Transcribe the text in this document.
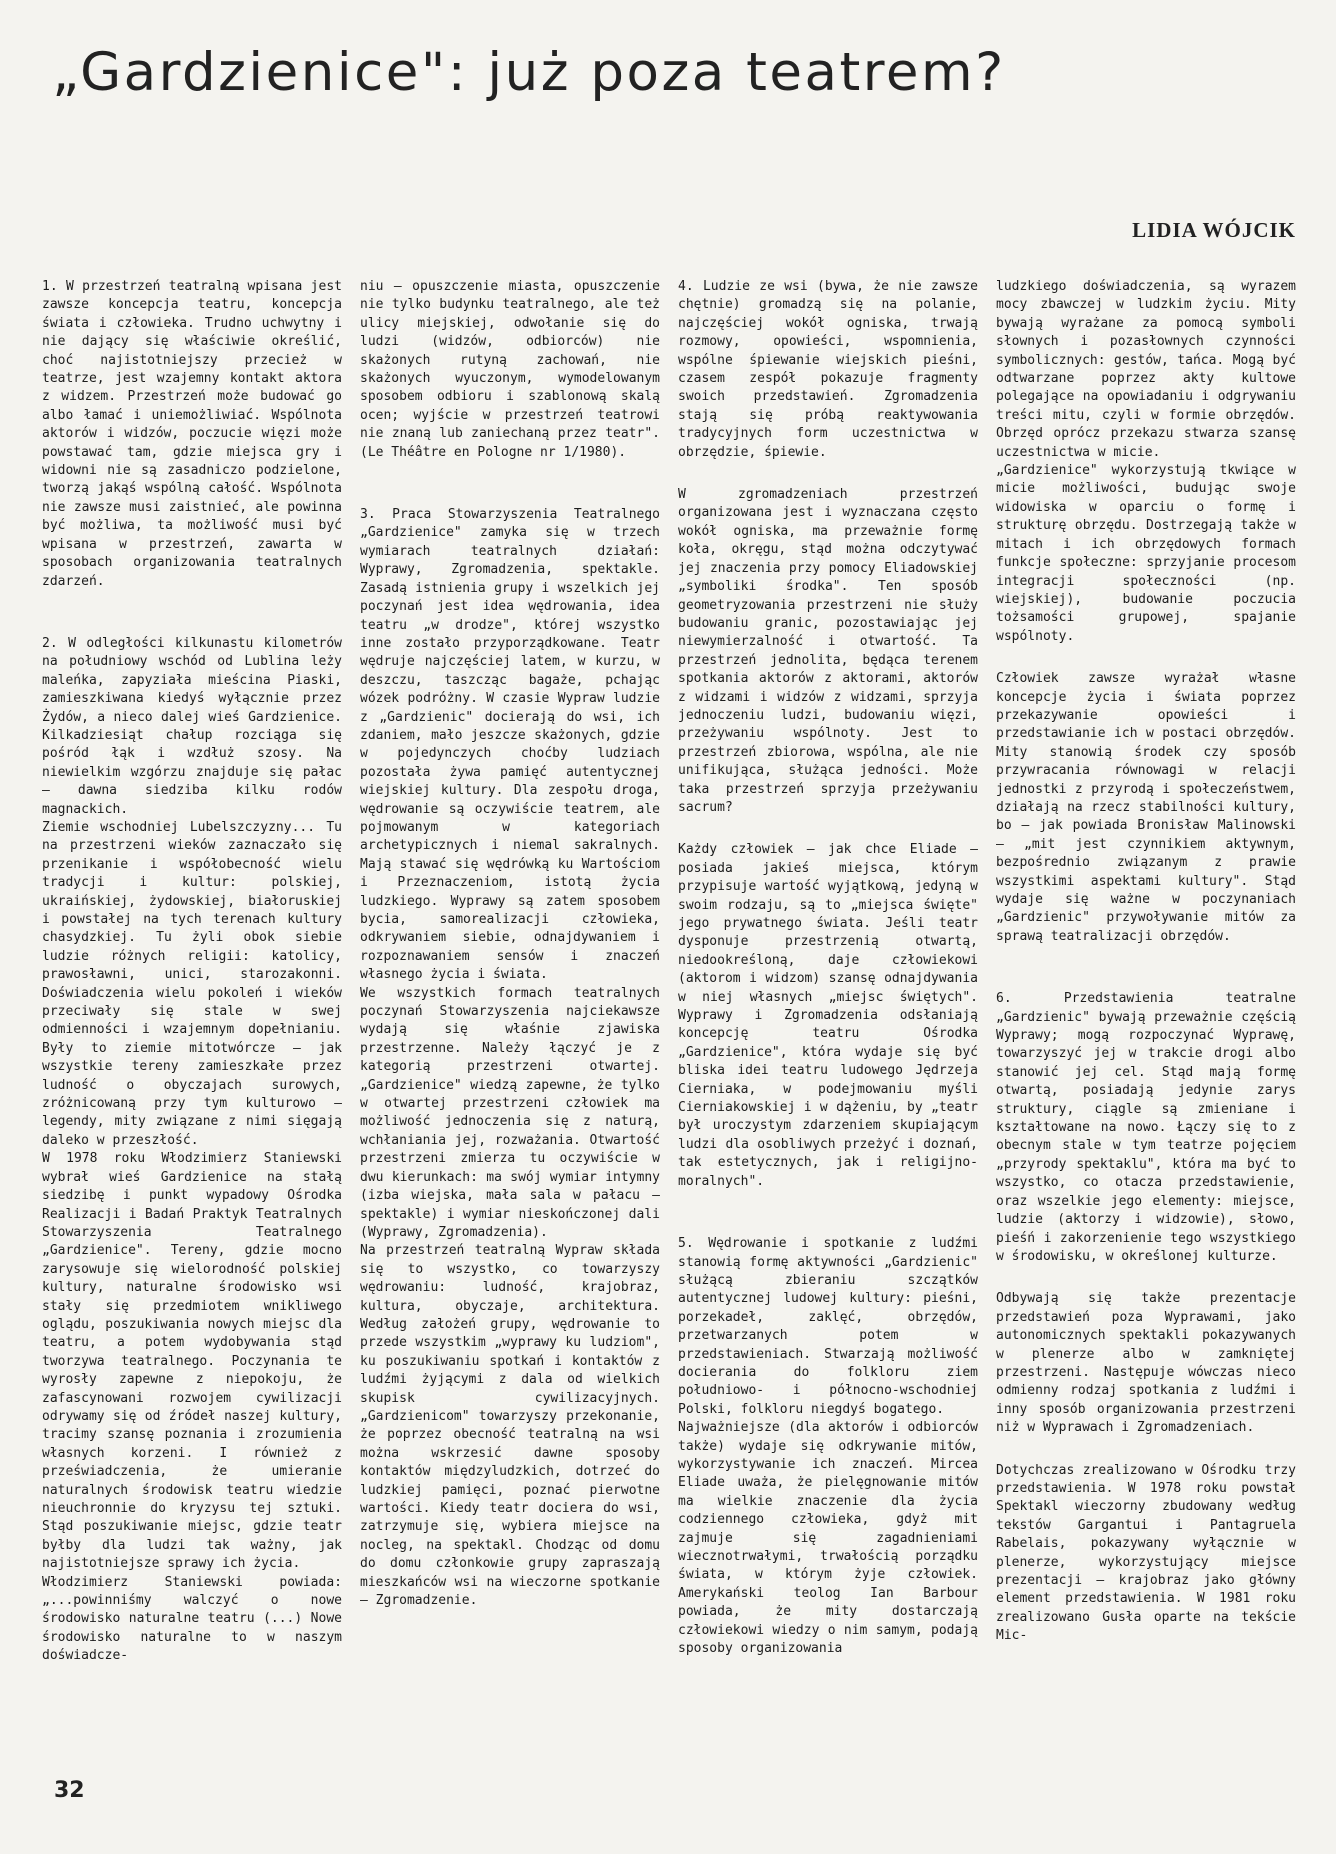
„Gardzienice": już poza teatrem?
LIDIA WÓJCIK

1. W przestrzeń teatralną wpisana jest zawsze koncepcja teatru, koncepcja świata i człowieka. Trudno uchwytny i nie dający się właściwie określić, choć najistotniejszy przecież w teatrze, jest wzajemny kontakt aktora z widzem. Przestrzeń może budować go albo łamać i uniemożliwiać. Wspólnota aktorów i widzów, poczucie więzi może powstawać tam, gdzie miejsca gry i widowni nie są zasadniczo podzielone, tworzą jakąś wspólną całość. Wspólnota nie zawsze musi zaistnieć, ale powinna być możliwa, ta możliwość musi być wpisana w przestrzeń, zawarta w sposobach organizowania teatralnych zdarzeń.

2. W odległości kilkunastu kilometrów na południowy wschód od Lublina leży maleńka, zapyziała mieścina Piaski, zamieszkiwana kiedyś wyłącznie przez Żydów, a nieco dalej wieś Gardzienice. Kilkadziesiąt chałup rozciąga się pośród łąk i wzdłuż szosy. Na niewielkim wzgórzu znajduje się pałac — dawna siedziba kilku rodów magnackich.

Ziemie wschodniej Lubelszczyzny... Tu na przestrzeni wieków zaznaczało się przenikanie i współobecność wielu tradycji i kultur: polskiej, ukraińskiej, żydowskiej, białoruskiej i powstałej na tych terenach kultury chasydzkiej. Tu żyli obok siebie ludzie różnych religii: katolicy, prawosławni, unici, starozakonni. Doświadczenia wielu pokoleń i wieków przeciwały się stale w swej odmienności i wzajemnym dopełnianiu. Były to ziemie mitotwórcze — jak wszystkie tereny zamieszkałe przez ludność o obyczajach surowych, zróżnicowaną przy tym kulturowo — legendy, mity związane z nimi sięgają daleko w przeszłość.

W 1978 roku Włodzimierz Staniewski wybrał wieś Gardzienice na stałą siedzibę i punkt wypadowy Ośrodka Realizacji i Badań Praktyk Teatralnych Stowarzyszenia Teatralnego „Gardzienice". Tereny, gdzie mocno zarysowuje się wielorodność polskiej kultury, naturalne środowisko wsi stały się przedmiotem wnikliwego oglądu, poszukiwania nowych miejsc dla teatru, a potem wydobywania stąd tworzywa teatralnego. Poczynania te wyrosły zapewne z niepokoju, że zafascynowani rozwojem cywilizacji odrywamy się od źródeł naszej kultury, tracimy szansę poznania i zrozumienia własnych korzeni. I również z przeświadczenia, że umieranie naturalnych środowisk teatru wiedzie nieuchronnie do kryzysu tej sztuki. Stąd poszukiwanie miejsc, gdzie teatr byłby dla ludzi tak ważny, jak najistotniejsze sprawy ich życia.

Włodzimierz Staniewski powiada: „...powinniśmy walczyć o nowe środowisko naturalne teatru (...) Nowe środowisko naturalne to w naszym doświadcze-

niu — opuszczenie miasta, opuszczenie nie tylko budynku teatralnego, ale też ulicy miejskiej, odwołanie się do ludzi (widzów, odbiorców) nie skażonych rutyną zachowań, nie skażonych wyuczonym, wymodelowanym sposobem odbioru i szablonową skalą ocen; wyjście w przestrzeń teatrowi nie znaną lub zaniechaną przez teatr". (Le Théâtre en Pologne nr 1/1980).

3. Praca Stowarzyszenia Teatralnego „Gardzienice" zamyka się w trzech wymiarach teatralnych działań: Wyprawy, Zgromadzenia, spektakle. Zasadą istnienia grupy i wszelkich jej poczynań jest idea wędrowania, idea teatru „w drodze", której wszystko inne zostało przyporządkowane. Teatr wędruje najczęściej latem, w kurzu, w deszczu, taszcząc bagaże, pchając wózek podróżny. W czasie Wypraw ludzie z „Gardzienic" docierają do wsi, ich zdaniem, mało jeszcze skażonych, gdzie w pojedynczych choćby ludziach pozostała żywa pamięć autentycznej wiejskiej kultury. Dla zespołu droga, wędrowanie są oczywiście teatrem, ale pojmowanym w kategoriach archetypicznych i niemal sakralnych. Mają stawać się wędrówką ku Wartościom i Przeznaczeniom, istotą życia ludzkiego. Wyprawy są zatem sposobem bycia, samorealizacji człowieka, odkrywaniem siebie, odnajdywaniem i rozpoznawaniem sensów i znaczeń własnego życia i świata.

We wszystkich formach teatralnych poczynań Stowarzyszenia najciekawsze wydają się właśnie zjawiska przestrzenne. Należy łączyć je z kategorią przestrzeni otwartej. „Gardzienice" wiedzą zapewne, że tylko w otwartej przestrzeni człowiek ma możliwość jednoczenia się z naturą, wchłaniania jej, rozważania. Otwartość przestrzeni zmierza tu oczywiście w dwu kierunkach: ma swój wymiar intymny (izba wiejska, mała sala w pałacu — spektakle) i wymiar nieskończonej dali (Wyprawy, Zgromadzenia).

Na przestrzeń teatralną Wypraw składa się to wszystko, co towarzyszy wędrowaniu: ludność, krajobraz, kultura, obyczaje, architektura. Według założeń grupy, wędrowanie to przede wszystkim „wyprawy ku ludziom", ku poszukiwaniu spotkań i kontaktów z ludźmi żyjącymi z dala od wielkich skupisk cywilizacyjnych. „Gardzienicom" towarzyszy przekonanie, że poprzez obecność teatralną na wsi można wskrzesić dawne sposoby kontaktów międzyludzkich, dotrzeć do ludzkiej pamięci, poznać pierwotne wartości. Kiedy teatr dociera do wsi, zatrzymuje się, wybiera miejsce na nocleg, na spektakl. Chodząc od domu do domu członkowie grupy zapraszają mieszkańców wsi na wieczorne spotkanie — Zgromadzenie.

4. Ludzie ze wsi (bywa, że nie zawsze chętnie) gromadzą się na polanie, najczęściej wokół ogniska, trwają rozmowy, opowieści, wspomnienia, wspólne śpiewanie wiejskich pieśni, czasem zespół pokazuje fragmenty swoich przedstawień. Zgromadzenia stają się próbą reaktywowania tradycyjnych form uczestnictwa w obrzędzie, śpiewie.

W zgromadzeniach przestrzeń organizowana jest i wyznaczana często wokół ogniska, ma przeważnie formę koła, okręgu, stąd można odczytywać jej znaczenia przy pomocy Eliadowskiej „symboliki środka". Ten sposób geometryzowania przestrzeni nie służy budowaniu granic, pozostawiając jej niewymierzalność i otwartość. Ta przestrzeń jednolita, będąca terenem spotkania aktorów z aktorami, aktorów z widzami i widzów z widzami, sprzyja jednoczeniu ludzi, budowaniu więzi, przeżywaniu wspólnoty. Jest to przestrzeń zbiorowa, wspólna, ale nie unifikująca, służąca jedności. Może taka przestrzeń sprzyja przeżywaniu sacrum?

Każdy człowiek — jak chce Eliade — posiada jakieś miejsca, którym przypisuje wartość wyjątkową, jedyną w swoim rodzaju, są to „miejsca święte" jego prywatnego świata. Jeśli teatr dysponuje przestrzenią otwartą, niedookreśloną, daje człowiekowi (aktorom i widzom) szansę odnajdywania w niej własnych „miejsc świętych". Wyprawy i Zgromadzenia odsłaniają koncepcję teatru Ośrodka „Gardzienice", która wydaje się być bliska idei teatru ludowego Jędrzeja Cierniaka, w podejmowaniu myśli Cierniakowskiej i w dążeniu, by „teatr był uroczystym zdarzeniem skupiającym ludzi dla osobliwych przeżyć i doznań, tak estetycznych, jak i religijno-moralnych".

5. Wędrowanie i spotkanie z ludźmi stanowią formę aktywności „Gardzienic" służącą zbieraniu szczątków autentycznej ludowej kultury: pieśni, porzekadeł, zaklęć, obrzędów, przetwarzanych potem w przedstawieniach. Stwarzają możliwość docierania do folkloru ziem południowo- i północno-wschodniej Polski, folkloru niegdyś bogatego.

Najważniejsze (dla aktorów i odbiorców także) wydaje się odkrywanie mitów, wykorzystywanie ich znaczeń. Mircea Eliade uważa, że pielęgnowanie mitów ma wielkie znaczenie dla życia codziennego człowieka, gdyż mit zajmuje się zagadnieniami wiecznotrwałymi, trwałością porządku świata, w którym żyje człowiek. Amerykański teolog Ian Barbour powiada, że mity dostarczają człowiekowi wiedzy o nim samym, podają sposoby organizowania

ludzkiego doświadczenia, są wyrazem mocy zbawczej w ludzkim życiu. Mity bywają wyrażane za pomocą symboli słownych i pozasłownych czynności symbolicznych: gestów, tańca. Mogą być odtwarzane poprzez akty kultowe polegające na opowiadaniu i odgrywaniu treści mitu, czyli w formie obrzędów. Obrzęd oprócz przekazu stwarza szansę uczestnictwa w micie.

„Gardzienice" wykorzystują tkwiące w micie możliwości, budując swoje widowiska w oparciu o formę i strukturę obrzędu. Dostrzegają także w mitach i ich obrzędowych formach funkcje społeczne: sprzyjanie procesom integracji społeczności (np. wiejskiej), budowanie poczucia tożsamości grupowej, spajanie wspólnoty.

Człowiek zawsze wyrażał własne koncepcje życia i świata poprzez przekazywanie opowieści i przedstawianie ich w postaci obrzędów. Mity stanowią środek czy sposób przywracania równowagi w relacji jednostki z przyrodą i społeczeństwem, działają na rzecz stabilności kultury, bo — jak powiada Bronisław Malinowski — „mit jest czynnikiem aktywnym, bezpośrednio związanym z prawie wszystkimi aspektami kultury". Stąd wydaje się ważne w poczynaniach „Gardzienic" przywoływanie mitów za sprawą teatralizacji obrzędów.

6. Przedstawienia teatralne „Gardzienic" bywają przeważnie częścią Wyprawy; mogą rozpoczynać Wyprawę, towarzyszyć jej w trakcie drogi albo stanowić jej cel. Stąd mają formę otwartą, posiadają jedynie zarys struktury, ciągle są zmieniane i kształtowane na nowo. Łączy się to z obecnym stale w tym teatrze pojęciem „przyrody spektaklu", która ma być to wszystko, co otacza przedstawienie, oraz wszelkie jego elementy: miejsce, ludzie (aktorzy i widzowie), słowo, pieśń i zakorzenienie tego wszystkiego w środowisku, w określonej kulturze.

Odbywają się także prezentacje przedstawień poza Wyprawami, jako autonomicznych spektakli pokazywanych w plenerze albo w zamkniętej przestrzeni. Następuje wówczas nieco odmienny rodzaj spotkania z ludźmi i inny sposób organizowania przestrzeni niż w Wyprawach i Zgromadzeniach.

Dotychczas zrealizowano w Ośrodku trzy przedstawienia. W 1978 roku powstał Spektakl wieczorny zbudowany według tekstów Gargantui i Pantagruela Rabelais, pokazywany wyłącznie w plenerze, wykorzystujący miejsce prezentacji — krajobraz jako główny element przedstawienia. W 1981 roku zrealizowano Gusła oparte na tekście Mic-

32
